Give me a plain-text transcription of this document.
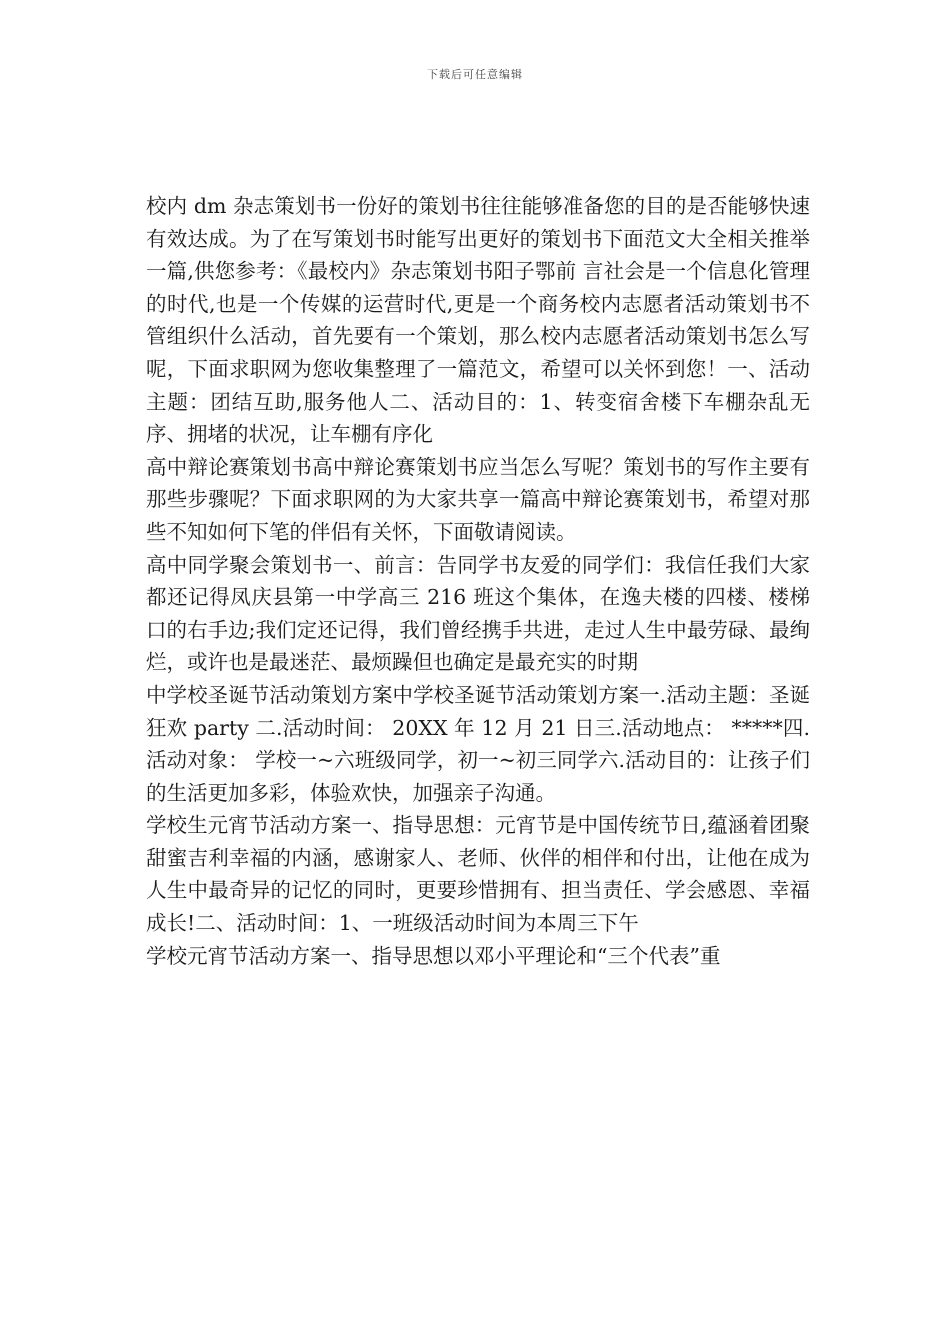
下载后可任意编辑

校内 dm 杂志策划书一份好的策划书往往能够准备您的目的是否能够快速有效达成。为了在写策划书时能写出更好的策划书下面范文大全相关推举一篇,供您参考：《最校内》杂志策划书阳子鄂前 言社会是一个信息化管理的时代,也是一个传媒的运营时代,更是一个商务校内志愿者活动策划书不管组织什么活动，首先要有一个策划，那么校内志愿者活动策划书怎么写呢，下面求职网为您收集整理了一篇范文，希望可以关怀到您！一、活动主题：团结互助,服务他人二、活动目的：1、转变宿舍楼下车棚杂乱无序、拥堵的状况，让车棚有序化

高中辩论赛策划书高中辩论赛策划书应当怎么写呢？策划书的写作主要有那些步骤呢？下面求职网的为大家共享一篇高中辩论赛策划书，希望对那些不知如何下笔的伴侣有关怀，下面敬请阅读。

高中同学聚会策划书一、前言：告同学书友爱的同学们：我信任我们大家都还记得凤庆县第一中学高三 216 班这个集体，在逸夫楼的四楼、楼梯口的右手边;我们定还记得，我们曾经携手共进，走过人生中最劳碌、最绚烂，或许也是最迷茫、最烦躁但也确定是最充实的时期

中学校圣诞节活动策划方案中学校圣诞节活动策划方案一.活动主题：圣诞狂欢 party 二.活动时间： 20XX 年 12 月 21 日三.活动地点： *****四.活动对象： 学校一~六班级同学，初一~初三同学六.活动目的：让孩子们的生活更加多彩，体验欢快，加强亲子沟通。

学校生元宵节活动方案一、指导思想：元宵节是中国传统节日,蕴涵着团聚甜蜜吉利幸福的内涵，感谢家人、老师、伙伴的相伴和付出，让他在成为人生中最奇异的记忆的同时，更要珍惜拥有、担当责任、学会感恩、幸福成长!二、活动时间：1、一班级活动时间为本周三下午

学校元宵节活动方案一、指导思想以邓小平理论和“三个代表”重
